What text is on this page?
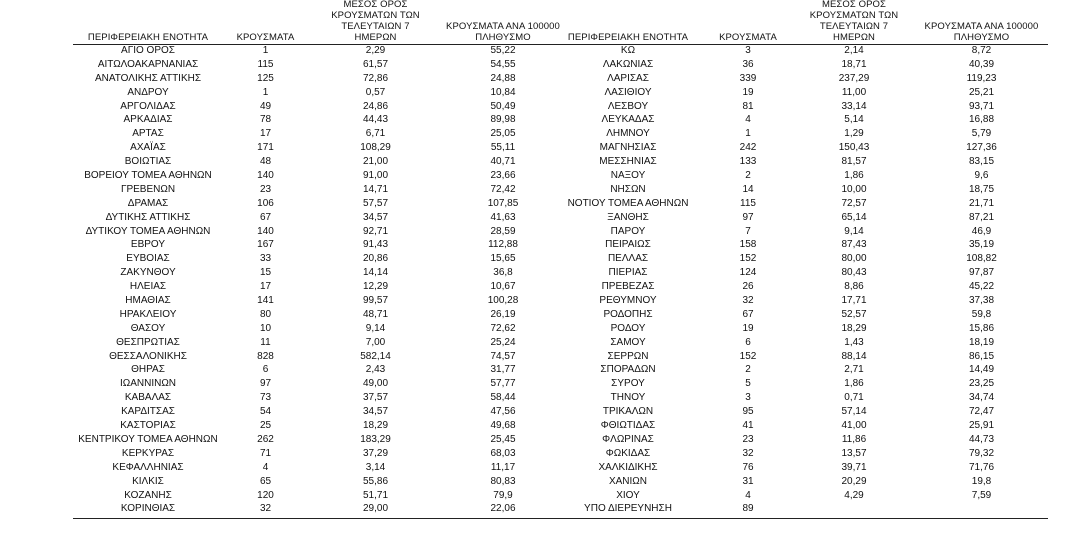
ΠΕΡΙΦΕΡΕΙΑΚΗ ΕΝΟΤΗΤΑ	ΚΡΟΥΣΜΑΤΑ
ΜΕΣΟΣ ΟΡΟΣ ΚΡΟΥΣΜΑΤΩΝ ΤΩΝ ΤΕΛΕΥΤΑΙΩΝ 7 ΗΜΕΡΩΝ
ΚΡΟΥΣΜΑΤΑ ΑΝΑ 100000 ΠΛΗΘΥΣΜΟ
ΑΓΙΟ ΟΡΟΣ	1	2,29	55,22
ΑΙΤΩΛΟΑΚΑΡΝΑΝΙΑΣ	115	61,57	54,55
ΑΝΑΤΟΛΙΚΗΣ ΑΤΤΙΚΗΣ	125	72,86	24,88
ΑΝΔΡΟΥ	1	0,57	10,84
ΑΡΓΟΛΙΔΑΣ	49	24,86	50,49
ΑΡΚΑΔΙΑΣ	78	44,43	89,98
ΑΡΤΑΣ	17	6,71	25,05
ΑΧΑΪΑΣ	171	108,29	55,11
ΒΟΙΩΤΙΑΣ	48	21,00	40,71
ΒΟΡΕΙΟΥ ΤΟΜΕΑ ΑΘΗΝΩΝ	140	91,00	23,66
ΓΡΕΒΕΝΩΝ	23	14,71	72,42
ΔΡΑΜΑΣ	106	57,57	107,85
ΔΥΤΙΚΗΣ ΑΤΤΙΚΗΣ	67	34,57	41,63
ΔΥΤΙΚΟΥ ΤΟΜΕΑ ΑΘΗΝΩΝ	140	92,71	28,59
ΕΒΡΟΥ	167	91,43	112,88
ΕΥΒΟΙΑΣ	33	20,86	15,65
ΖΑΚΥΝΘΟΥ	15	14,14	36,8
ΗΛΕΙΑΣ	17	12,29	10,67
ΗΜΑΘΙΑΣ	141	99,57	100,28
ΗΡΑΚΛΕΙΟΥ	80	48,71	26,19
ΘΑΣΟΥ	10	9,14	72,62
ΘΕΣΠΡΩΤΙΑΣ	11	7,00	25,24
ΘΕΣΣΑΛΟΝΙΚΗΣ	828	582,14	74,57
ΘΗΡΑΣ	6	2,43	31,77
ΙΩΑΝΝΙΝΩΝ	97	49,00	57,77
ΚΑΒΑΛΑΣ	73	37,57	58,44
ΚΑΡΔΙΤΣΑΣ	54	34,57	47,56
ΚΑΣΤΟΡΙΑΣ	25	18,29	49,68
ΚΕΝΤΡΙΚΟΥ ΤΟΜΕΑ ΑΘΗΝΩΝ	262	183,29	25,45
ΚΕΡΚΥΡΑΣ	71	37,29	68,03
ΚΕΦΑΛΛΗΝΙΑΣ	4	3,14	11,17
ΚΙΛΚΙΣ	65	55,86	80,83
ΚΟΖΑΝΗΣ	120	51,71	79,9
ΚΟΡΙΝΘΙΑΣ	32	29,00	22,06
ΠΕΡΙΦΕΡΕΙΑΚΗ ΕΝΟΤΗΤΑ	ΚΡΟΥΣΜΑΤΑ
ΜΕΣΟΣ ΟΡΟΣ ΚΡΟΥΣΜΑΤΩΝ ΤΩΝ ΤΕΛΕΥΤΑΙΩΝ 7 ΗΜΕΡΩΝ
ΚΡΟΥΣΜΑΤΑ ΑΝΑ 100000 ΠΛΗΘΥΣΜΟ
ΚΩ	3	2,14	8,72
ΛΑΚΩΝΙΑΣ	36	18,71	40,39
ΛΑΡΙΣΑΣ	339	237,29	119,23
ΛΑΣΙΘΙΟΥ	19	11,00	25,21
ΛΕΣΒΟΥ	81	33,14	93,71
ΛΕΥΚΑΔΑΣ	4	5,14	16,88
ΛΗΜΝΟΥ	1	1,29	5,79
ΜΑΓΝΗΣΙΑΣ	242	150,43	127,36
ΜΕΣΣΗΝΙΑΣ	133	81,57	83,15
ΝΑΞΟΥ	2	1,86	9,6
ΝΗΣΩΝ	14	10,00	18,75
ΝΟΤΙΟΥ ΤΟΜΕΑ ΑΘΗΝΩΝ	115	72,57	21,71
ΞΑΝΘΗΣ	97	65,14	87,21
ΠΑΡΟΥ	7	9,14	46,9
ΠΕΙΡΑΙΩΣ	158	87,43	35,19
ΠΕΛΛΑΣ	152	80,00	108,82
ΠΙΕΡΙΑΣ	124	80,43	97,87
ΠΡΕΒΕΖΑΣ	26	8,86	45,22
ΡΕΘΥΜΝΟΥ	32	17,71	37,38
ΡΟΔΟΠΗΣ	67	52,57	59,8
ΡΟΔΟΥ	19	18,29	15,86
ΣΑΜΟΥ	6	1,43	18,19
ΣΕΡΡΩΝ	152	88,14	86,15
ΣΠΟΡΑΔΩΝ	2	2,71	14,49
ΣΥΡΟΥ	5	1,86	23,25
ΤΗΝΟΥ	3	0,71	34,74
ΤΡΙΚΑΛΩΝ	95	57,14	72,47
ΦΘΙΩΤΙΔΑΣ	41	41,00	25,91
ΦΛΩΡΙΝΑΣ	23	11,86	44,73
ΦΩΚΙΔΑΣ	32	13,57	79,32
ΧΑΛΚΙΔΙΚΗΣ	76	39,71	71,76
ΧΑΝΙΩΝ	31	20,29	19,8
ΧΙΟΥ	4	4,29	7,59
ΥΠΟ ΔΙΕΡΕΥΝΗΣΗ	89
